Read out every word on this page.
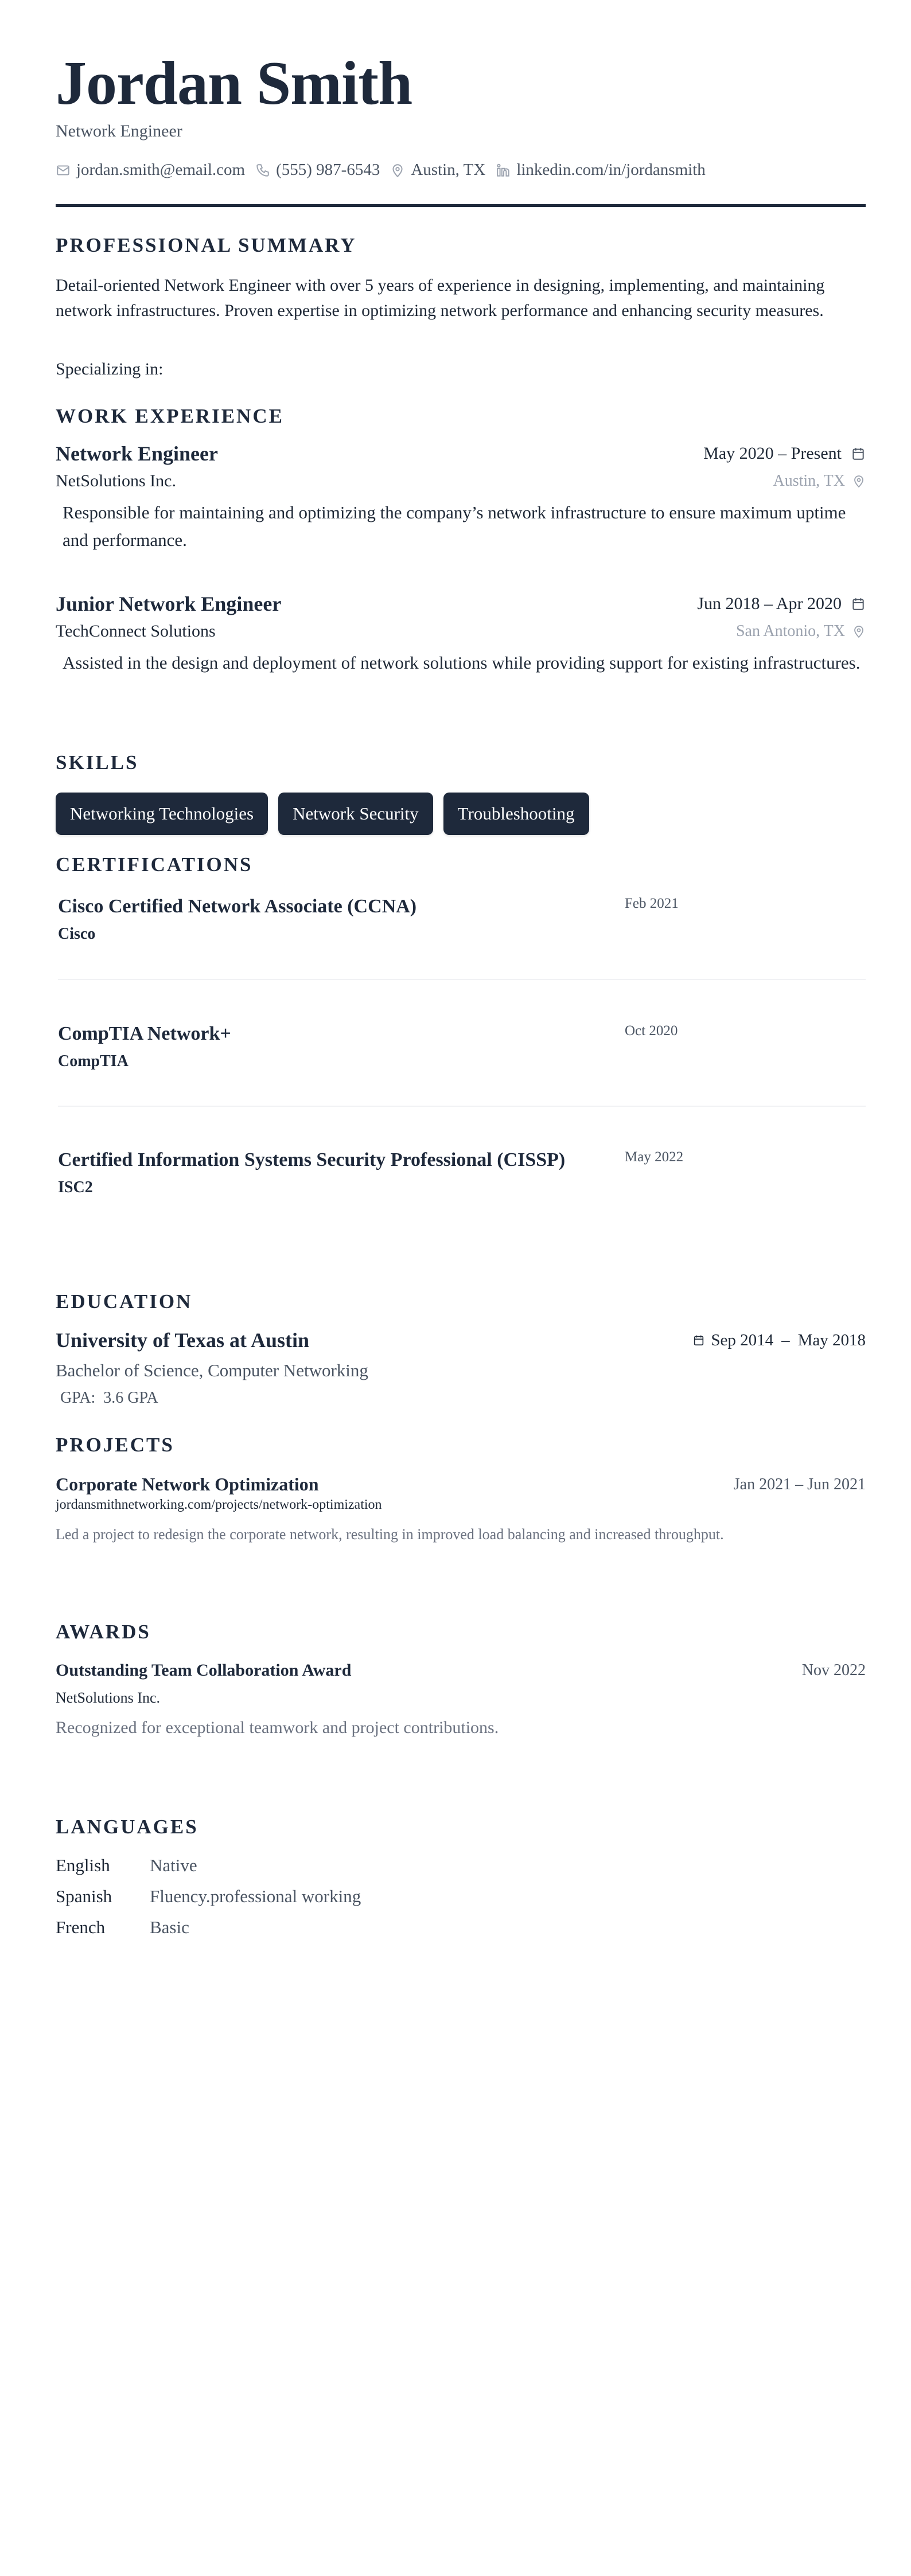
Jordan Smith
Network Engineer
jordan.smith@email.com (555) 987-6543 Austin, TX linkedin.com/in/jordansmith
PROFESSIONAL SUMMARY
Detail-oriented Network Engineer with over 5 years of experience in designing, implementing, and maintaining network infrastructures. Proven expertise in optimizing network performance and enhancing security measures.
Specializing in:
WORK EXPERIENCE
Network Engineer	May 2020 – Present
NetSolutions Inc.	Austin, TX
Responsible for maintaining and optimizing the company’s network infrastructure to ensure maximum uptime and performance.
Junior Network Engineer	Jun 2018 – Apr 2020
TechConnect Solutions	San Antonio, TX
Assisted in the design and deployment of network solutions while providing support for existing infrastructures.
SKILLS
Networking Technologies	Network Security	Troubleshooting
CERTIFICATIONS
Cisco Certified Network Associate (CCNA)
Cisco
Feb 2021
CompTIA Network+
CompTIA
Oct 2020
Certified Information Systems Security Professional (CISSP)
ISC2
May 2022
EDUCATION
University of Texas at Austin	Sep 2014 – May 2018
Bachelor of Science, Computer Networking
GPA: 3.6 GPA
PROJECTS
Corporate Network Optimization	Jan 2021 – Jun 2021
jordansmithnetworking.com/projects/network-optimization
Led a project to redesign the corporate network, resulting in improved load balancing and increased throughput.
AWARDS
Outstanding Team Collaboration Award	Nov 2022
NetSolutions Inc.
Recognized for exceptional teamwork and project contributions.
LANGUAGES
English	Native
Spanish	Fluency.professional working
French	Basic
